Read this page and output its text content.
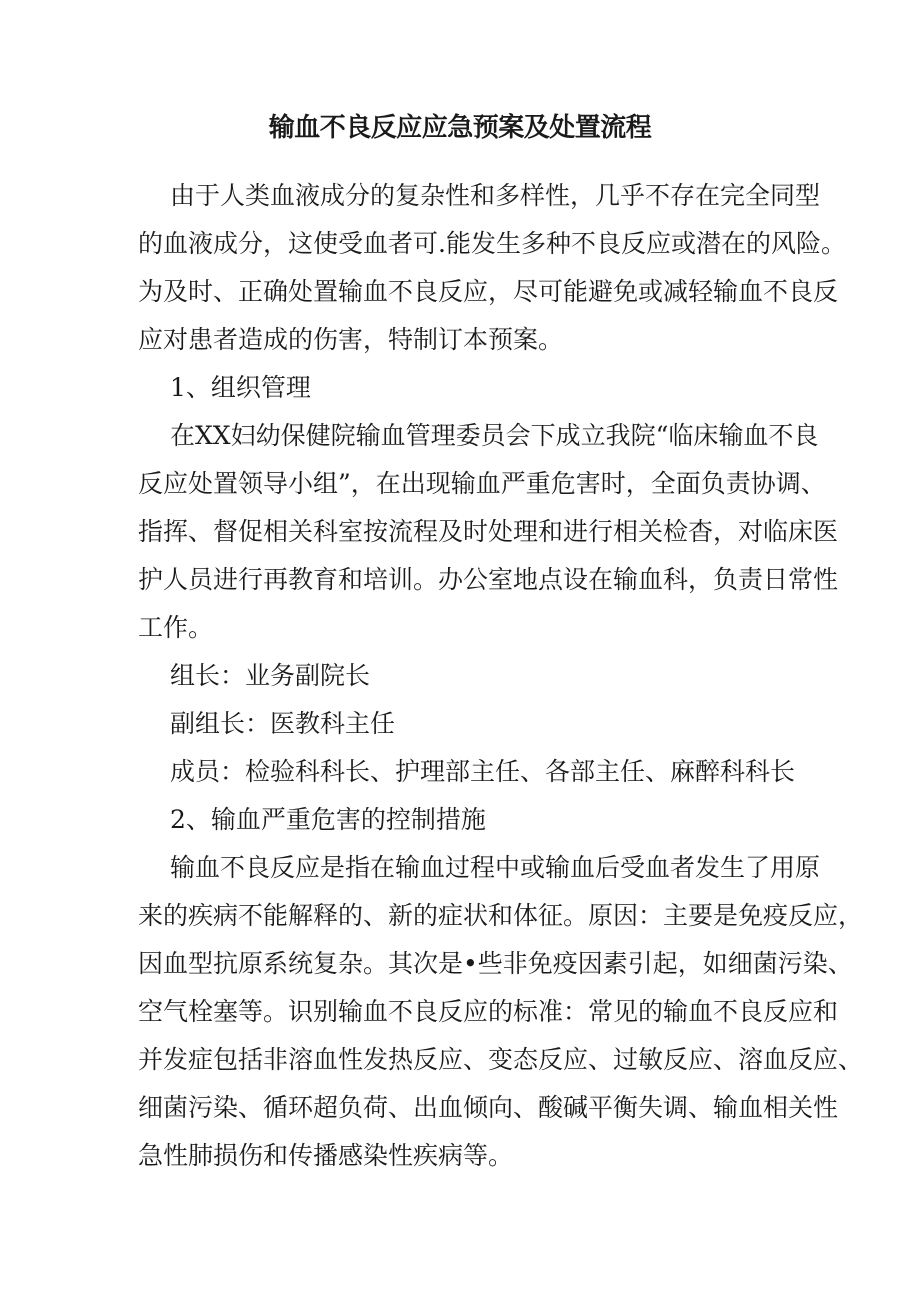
输血不良反应应急预案及处置流程
由于人类血液成分的复杂性和多样性，几乎不存在完全同型
的血液成分，这使受血者可.能发生多种不良反应或潜在的风险。
为及时、正确处置输血不良反应，尽可能避免或减轻输血不良反
应对患者造成的伤害，特制订本预案。
1、组织管理
在XX妇幼保健院输血管理委员会下成立我院“临床输血不良
反应处置领导小组”，在出现输血严重危害时，全面负责协调、
指挥、督促相关科室按流程及时处理和进行相关检杳，对临床医
护人员进行再教育和培训。办公室地点设在输血科，负责日常性
工作。
组长：业务副院长
副组长：医教科主任
成员：检验科科长、护理部主任、各部主任、麻醉科科长
2、输血严重危害的控制措施
输血不良反应是指在输血过程中或输血后受血者发生了用原
来的疾病不能解释的、新的症状和体征。原因：主要是免疫反应，
因血型抗原系统复杂。其次是•些非免疫因素引起，如细菌污染、
空气栓塞等。识别输血不良反应的标准：常见的输血不良反应和
并发症包括非溶血性发热反应、变态反应、过敏反应、溶血反应、
细菌污染、循环超负荷、出血倾向、酸碱平衡失调、输血相关性
急性肺损伤和传播感染性疾病等。
